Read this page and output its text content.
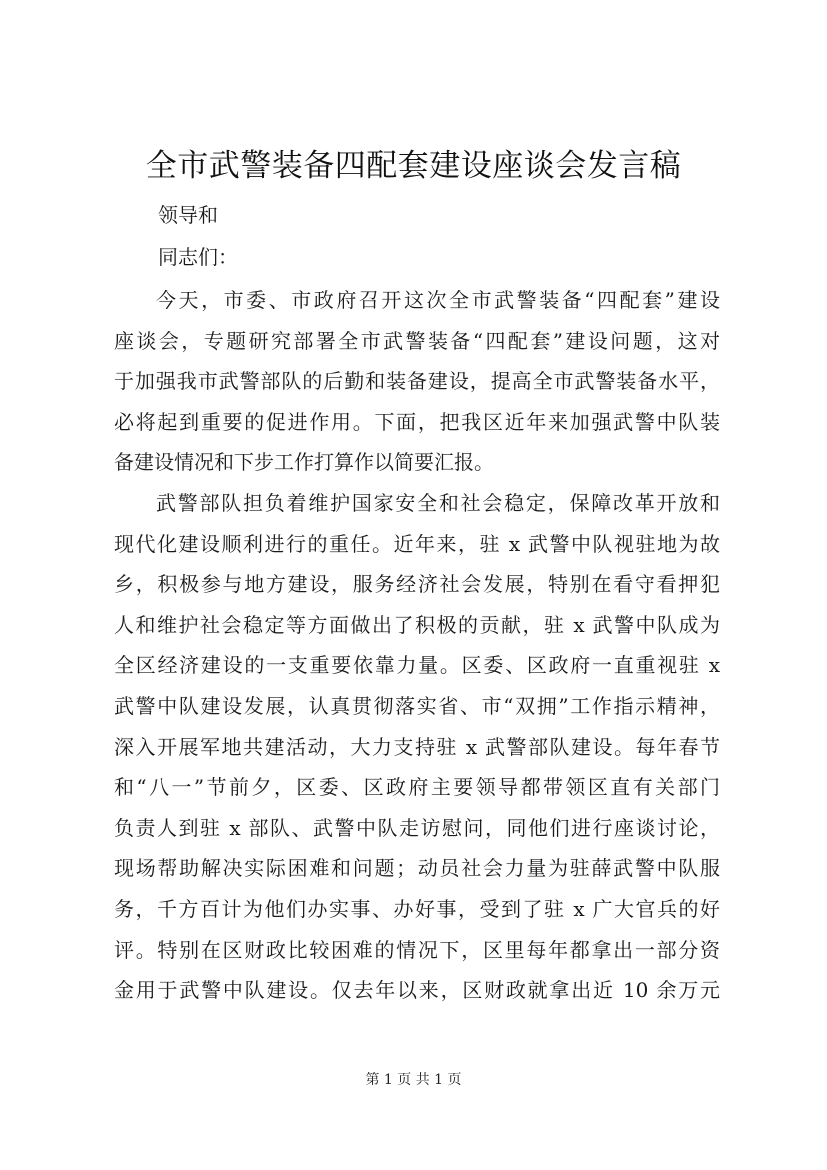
全市武警装备四配套建设座谈会发言稿
领导和
同志们：
今天，市委、市政府召开这次全市武警装备“四配套”建设
座谈会，专题研究部署全市武警装备“四配套”建设问题，这对
于加强我市武警部队的后勤和装备建设，提高全市武警装备水平，
必将起到重要的促进作用。下面，把我区近年来加强武警中队装
备建设情况和下步工作打算作以简要汇报。
武警部队担负着维护国家安全和社会稳定，保障改革开放和
现代化建设顺利进行的重任。近年来，驻 x 武警中队视驻地为故
乡，积极参与地方建设，服务经济社会发展，特别在看守看押犯
人和维护社会稳定等方面做出了积极的贡献，驻 x 武警中队成为
全区经济建设的一支重要依靠力量。区委、区政府一直重视驻 x
武警中队建设发展，认真贯彻落实省、市“双拥”工作指示精神，
深入开展军地共建活动，大力支持驻 x 武警部队建设。每年春节
和“八一”节前夕，区委、区政府主要领导都带领区直有关部门
负责人到驻 x 部队、武警中队走访慰问，同他们进行座谈讨论，
现场帮助解决实际困难和问题；动员社会力量为驻薛武警中队服
务，千方百计为他们办实事、办好事，受到了驻 x 广大官兵的好
评。特别在区财政比较困难的情况下，区里每年都拿出一部分资
金用于武警中队建设。仅去年以来，区财政就拿出近 10 余万元
第 1 页 共 1 页
